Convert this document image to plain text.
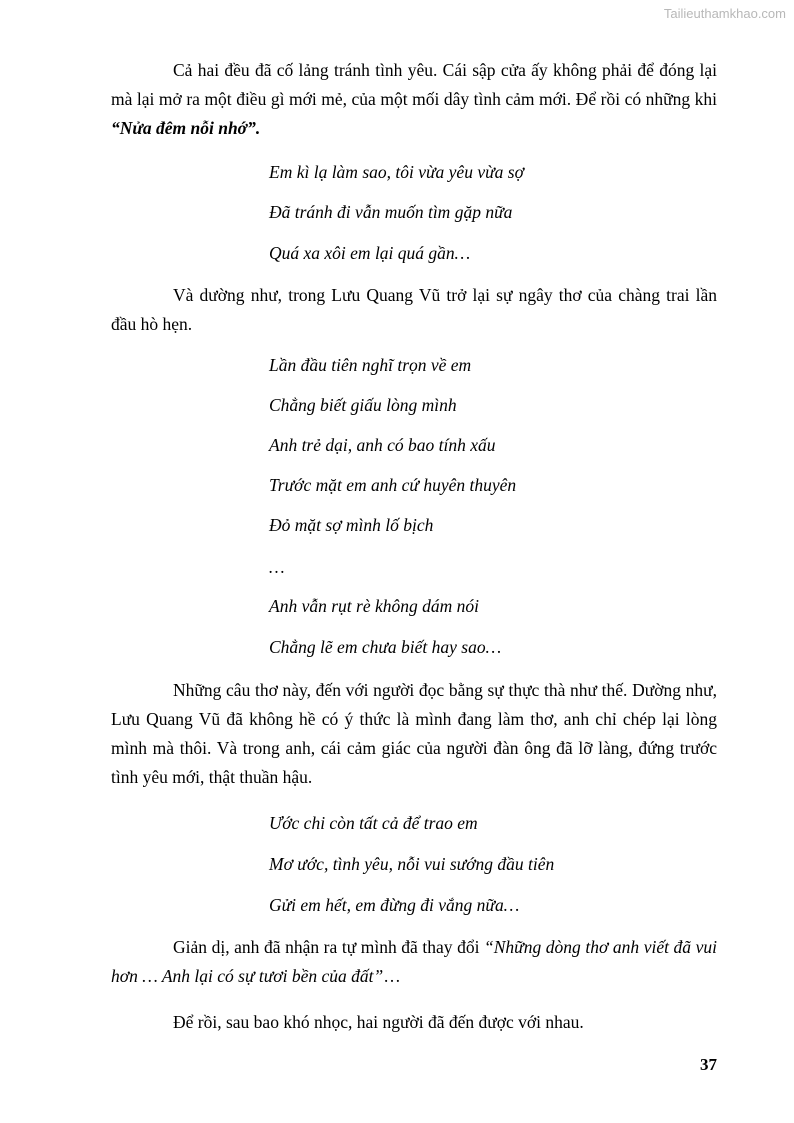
Tailieuthamkhao.com
Cả hai đều đã cố lảng tránh tình yêu. Cái sập cửa ấy không phải để đóng lại mà lại mở ra một điều gì mới mẻ, của một mối dây tình cảm mới. Để rồi có những khi “Nửa đêm nỗi nhớ”.
Em kì lạ làm sao, tôi vừa yêu vừa sợ
Đã tránh đi vẫn muốn tìm gặp nữa
Quá xa xôi em lại quá gần…
Và dường như, trong Lưu Quang Vũ trở lại sự ngây thơ của chàng trai lần đầu hò hẹn.
Lần đầu tiên nghĩ trọn về em
Chẳng biết giấu lòng mình
Anh trẻ dại, anh có bao tính xấu
Trước mặt em anh cứ huyên thuyên
Đỏ mặt sợ mình lố bịch
…
Anh vẫn rụt rè không dám nói
Chẳng lẽ em chưa biết hay sao…
Những câu thơ này, đến với người đọc bằng sự thực thà như thế. Dường như, Lưu Quang Vũ đã không hề có ý thức là mình đang làm thơ, anh chỉ chép lại lòng mình mà thôi. Và trong anh, cái cảm giác của người đàn ông đã lỡ làng, đứng trước tình yêu mới, thật thuần hậu.
Ước chi còn tất cả để trao em
Mơ ước, tình yêu, nỗi vui sướng đầu tiên
Gửi em hết, em đừng đi vắng nữa…
Giản dị, anh đã nhận ra tự mình đã thay đổi “Những dòng thơ anh viết đã vui hơn … Anh lại có sự tươi bền của đất”…
Để rồi, sau bao khó nhọc, hai người đã đến được với nhau.
37
